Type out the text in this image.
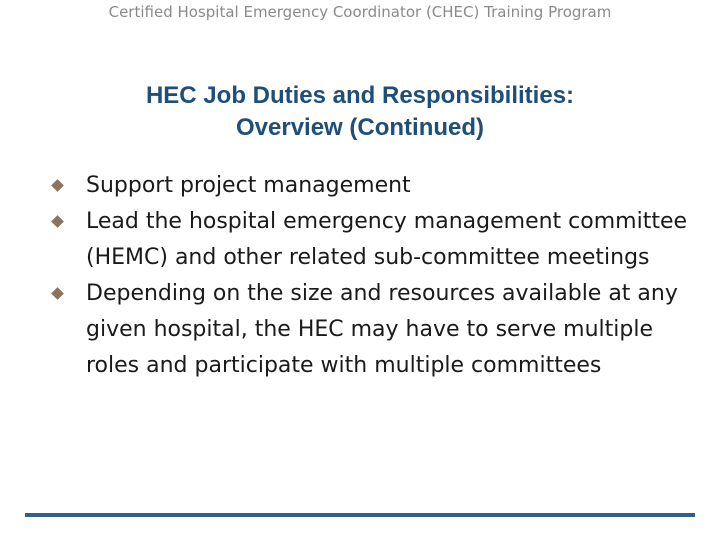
Certified Hospital Emergency Coordinator (CHEC) Training Program
HEC Job Duties and Responsibilities:
Overview (Continued)
Support project management
Lead the hospital emergency management committee (HEMC) and other related sub-committee meetings
Depending on the size and resources available at any given hospital, the HEC may have to serve multiple roles and participate with multiple committees
